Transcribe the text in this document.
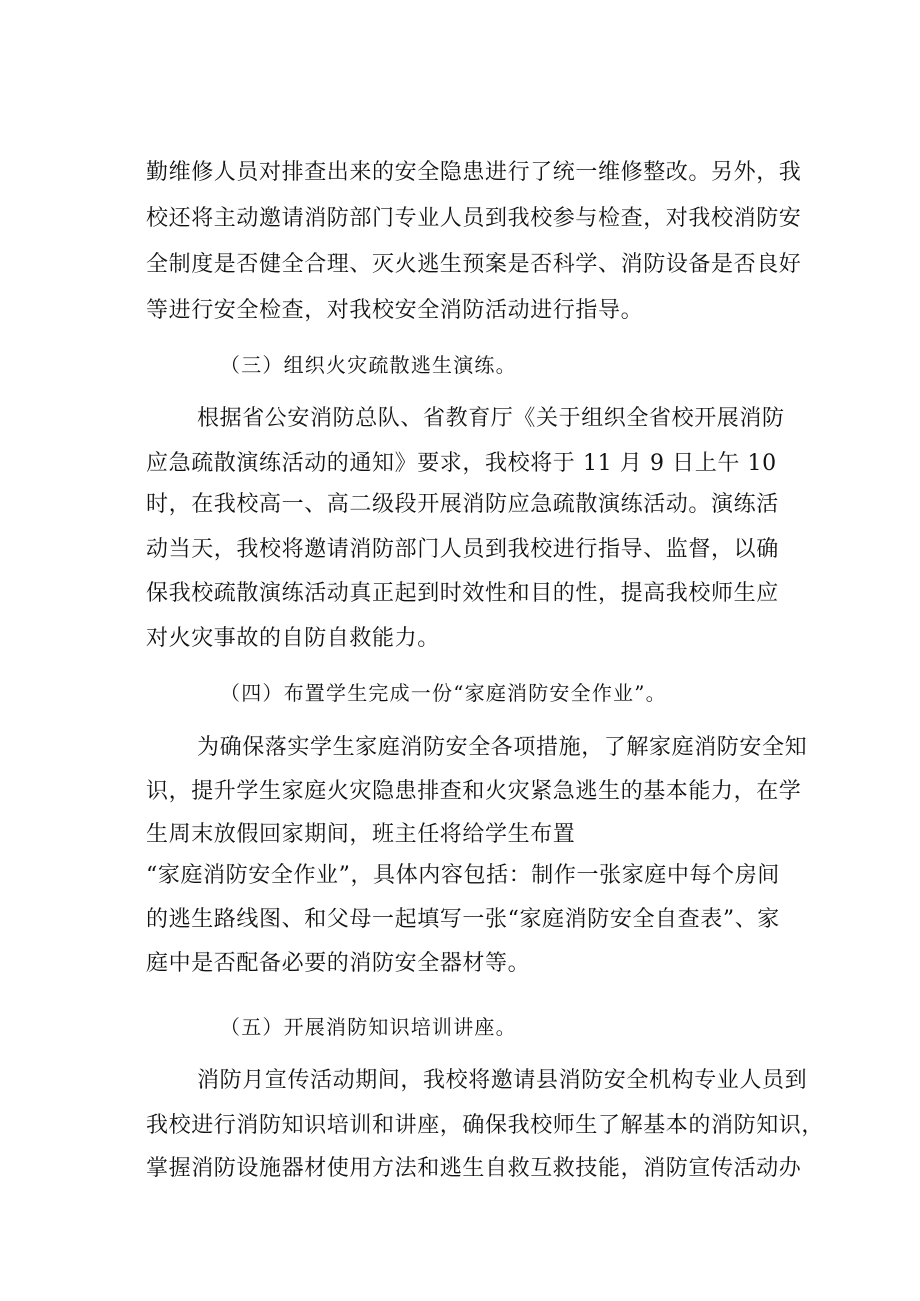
勤维修人员对排查出来的安全隐患进行了统一维修整改。另外，我
校还将主动邀请消防部门专业人员到我校参与检查，对我校消防安
全制度是否健全合理、灭火逃生预案是否科学、消防设备是否良好
等进行安全检查，对我校安全消防活动进行指导。
（三）组织火灾疏散逃生演练。
根据省公安消防总队、省教育厅《关于组织全省校开展消防
应急疏散演练活动的通知》要求，我校将于 11 月 9 日上午 10
时，在我校高一、高二级段开展消防应急疏散演练活动。演练活
动当天，我校将邀请消防部门人员到我校进行指导、监督，以确
保我校疏散演练活动真正起到时效性和目的性，提高我校师生应
对火灾事故的自防自救能力。
（四）布置学生完成一份“家庭消防安全作业”。
为确保落实学生家庭消防安全各项措施，了解家庭消防安全知
识，提升学生家庭火灾隐患排查和火灾紧急逃生的基本能力，在学
生周末放假回家期间，班主任将给学生布置
“家庭消防安全作业”，具体内容包括：制作一张家庭中每个房间
的逃生路线图、和父母一起填写一张“家庭消防安全自查表”、家
庭中是否配备必要的消防安全器材等。
（五）开展消防知识培训讲座。
消防月宣传活动期间，我校将邀请县消防安全机构专业人员到
我校进行消防知识培训和讲座，确保我校师生了解基本的消防知识，
掌握消防设施器材使用方法和逃生自救互救技能，消防宣传活动办
